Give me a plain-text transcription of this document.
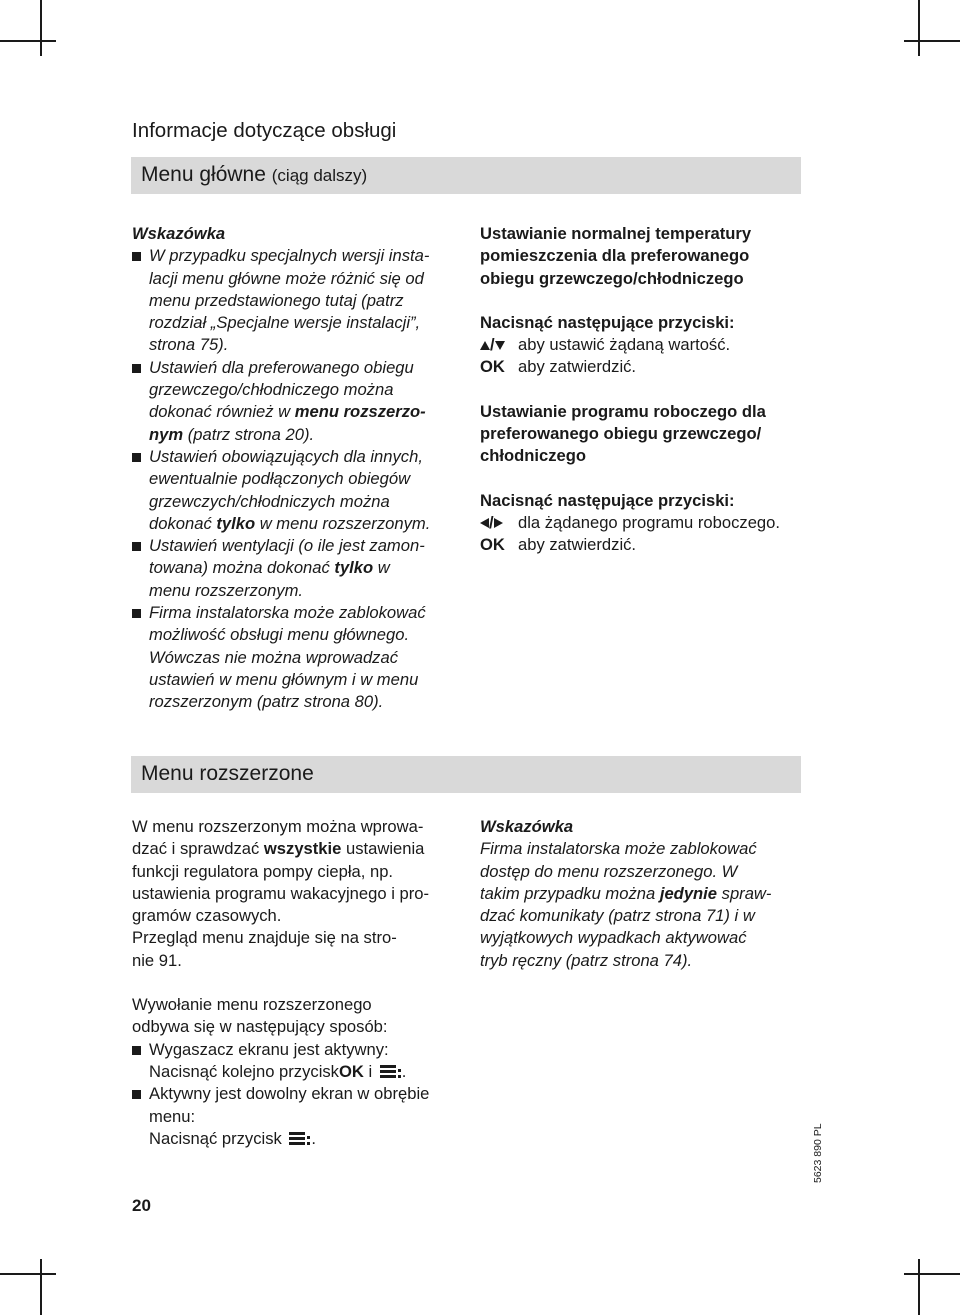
Informacje dotyczące obsługi
Menu główne (ciąg dalszy)

Wskazówka

W przypadku specjalnych wersji insta-
lacji menu główne może różnić się od
menu przedstawionego tutaj (patrz
rozdział „Specjalne wersje instalacji”,
strona 75).
Ustawień dla preferowanego obiegu
grzewczego/chłodniczego można
dokonać również w menu rozszerzo-
nym (patrz strona 20).
Ustawień obowiązujących dla innych,
ewentualnie podłączonych obiegów
grzewczych/chłodniczych można
dokonać tylko w menu rozszerzonym.
Ustawień wentylacji (o ile jest zamon-
towana) można dokonać tylko w
menu rozszerzonym.
Firma instalatorska może zablokować
możliwość obsługi menu głównego.
Wówczas nie można wprowadzać
ustawień w menu głównym i w menu
rozszerzonym (patrz strona 80).
Ustawianie normalnej temperatury
pomieszczenia dla preferowanego
obiegu grzewczego/chłodniczego
Nacisnąć następujące przyciski:
/	aby ustawić żądaną wartość.
OK aby zatwierdzić.
Ustawianie programu roboczego dla
preferowanego obiegu grzewczego/
chłodniczego
Nacisnąć następujące przyciski:
/	dla żądanego programu roboczego.
OK aby zatwierdzić.
Menu rozszerzone
W menu rozszerzonym można wprowa-
dzać i sprawdzać wszystkie ustawienia
funkcji regulatora pompy ciepła, np.
ustawienia programu wakacyjnego i pro-
gramów czasowych.
Przegląd menu znajduje się na stro-
nie 91.
Wywołanie menu rozszerzonego
odbywa się w następujący sposób:
Wygaszacz ekranu jest aktywny:
Nacisnąć kolejno przyciskOK i
.
Aktywny jest dowolny ekran w obrębie
menu:
Nacisnąć przycisk
.
Wskazówka
Firma instalatorska może zablokować
dostęp do menu rozszerzonego. W
takim przypadku można jedynie spraw-
dzać komunikaty (patrz strona 71) i w
wyjątkowych wypadkach aktywować
tryb ręczny (patrz strona 74).
20
5623 890 PL
